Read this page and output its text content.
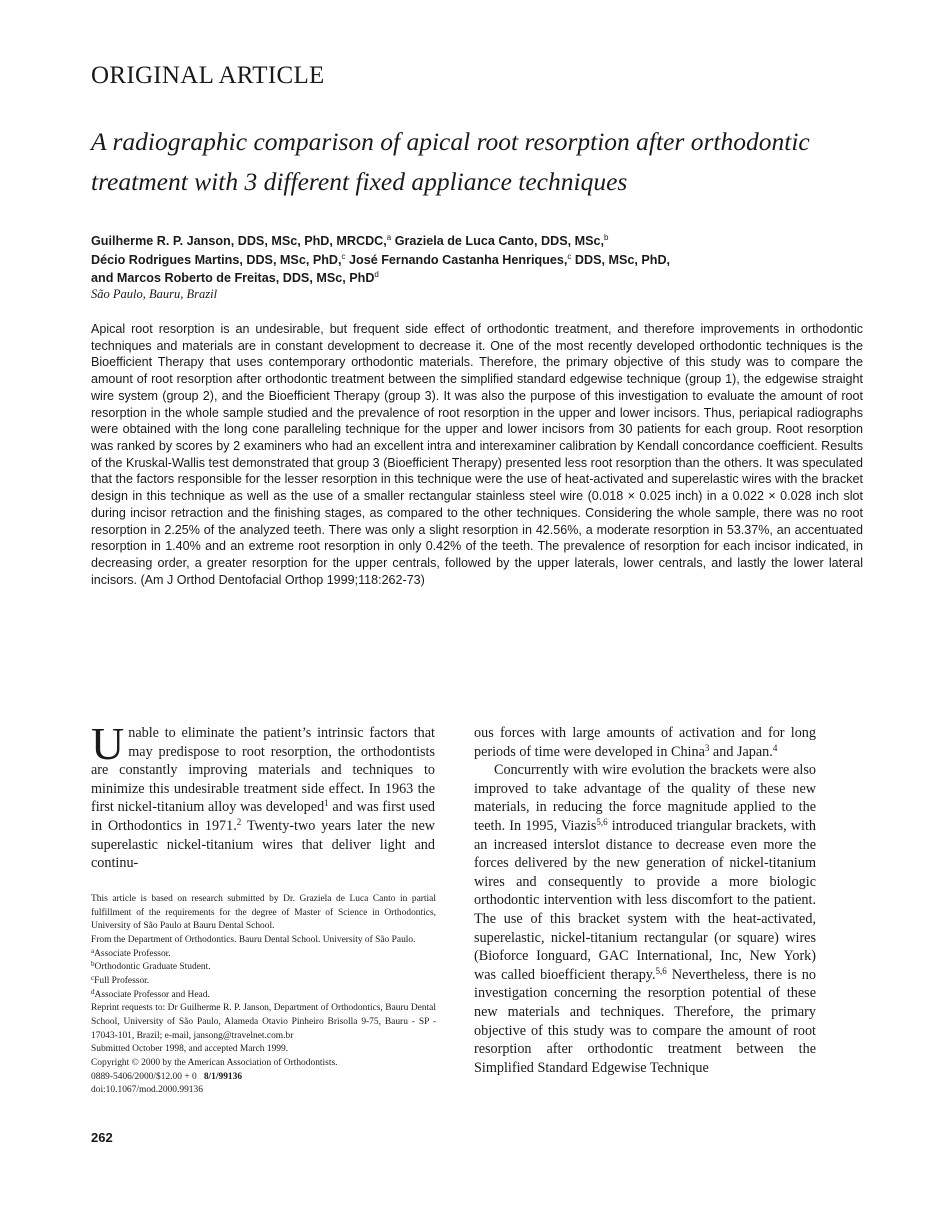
ORIGINAL ARTICLE
A radiographic comparison of apical root resorption after orthodontic treatment with 3 different fixed appliance techniques
Guilherme R. P. Janson, DDS, MSc, PhD, MRCDC,$^a$ Graziela de Luca Canto, DDS, MSc,$^b$
Décio Rodrigues Martins, DDS, MSc, PhD,$^c$ José Fernando Castanha Henriques,$^c$ DDS, MSc, PhD,
and Marcos Roberto de Freitas, DDS, MSc, PhD$^d$
São Paulo, Bauru, Brazil

Apical root resorption is an undesirable, but frequent side effect of orthodontic treatment, and therefore improvements in orthodontic techniques and materials are in constant development to decrease it. One of the most recently developed orthodontic techniques is the Bioefficient Therapy that uses contemporary orthodontic materials. Therefore, the primary objective of this study was to compare the amount of root resorption after orthodontic treatment between the simplified standard edgewise technique (group 1), the edgewise straight wire system (group 2), and the Bioefficient Therapy (group 3). It was also the purpose of this investigation to evaluate the amount of root resorption in the whole sample studied and the prevalence of root resorption in the upper and lower incisors. Thus, periapical radiographs were obtained with the long cone paralleling technique for the upper and lower incisors from 30 patients for each group. Root resorption was ranked by scores by 2 examiners who had an excellent intra and interexaminer calibration by Kendall concordance coefficient. Results of the Kruskal-Wallis test demonstrated that group 3 (Bioefficient Therapy) presented less root resorption than the others. It was speculated that the factors responsible for the lesser resorption in this technique were the use of heat-activated and superelastic wires with the bracket design in this technique as well as the use of a smaller rectangular stainless steel wire (0.018 × 0.025 inch) in a 0.022 × 0.028 inch slot during incisor retraction and the finishing stages, as compared to the other techniques. Considering the whole sample, there was no root resorption in 2.25% of the analyzed teeth. There was only a slight resorption in 42.56%, a moderate resorption in 53.37%, an accentuated resorption in 1.40% and an extreme root resorption in only 0.42% of the teeth. The prevalence of resorption for each incisor indicated, in decreasing order, a greater resorption for the upper centrals, followed by the upper laterals, lower centrals, and lastly the lower lateral incisors. (Am J Orthod Dentofacial Orthop 1999;118:262-73)

Unable to eliminate the patient’s intrinsic factors that may predispose to root resorption, the orthodontists are constantly improving materials and techniques to minimize this undesirable treatment side effect. In 1963 the first nickel-titanium alloy was developed$^1$ and was first used in Orthodontics in 1971.$^2$ Twenty-two years later the new superelastic nickel-titanium wires that deliver light and continu-

This article is based on research submitted by Dr. Graziela de Luca Canto in partial fulfillment of the requirements for the degree of Master of Science in Orthodontics, University of São Paulo at Bauru Dental School.

From the Department of Orthodontics. Bauru Dental School. University of São Paulo.

$^a$Associate Professor.

$^b$Orthodontic Graduate Student.

$^c$Full Professor.

$^d$Associate Professor and Head.

Reprint requests to: Dr Guilherme R. P. Janson, Department of Orthodontics, Bauru Dental School, University of São Paulo, Alameda Otavio Pinheiro Brisolla 9-75, Bauru - SP - 17043-101, Brazil; e-mail, jansong@travelnet.com.br

Submitted October 1998, and accepted March 1999.

Copyright © 2000 by the American Association of Orthodontists.

0889-5406/2000/$12.00 + 0 8/1/99136

doi:10.1067/mod.2000.99136

ous forces with large amounts of activation and for long periods of time were developed in China$^3$ and Japan.$^4$

Concurrently with wire evolution the brackets were also improved to take advantage of the quality of these new materials, in reducing the force magnitude applied to the teeth. In 1995, Viazis$^{5,6}$ introduced triangular brackets, with an increased interslot distance to decrease even more the forces delivered by the new generation of nickel-titanium wires and consequently to provide a more biologic orthodontic intervention with less discomfort to the patient. The use of this bracket system with the heat-activated, superelastic, nickel-titanium rectangular (or square) wires (Bioforce Ionguard, GAC International, Inc, New York) was called bioefficient therapy.$^{5,6}$ Nevertheless, there is no investigation concerning the resorption potential of these new materials and techniques. Therefore, the primary objective of this study was to compare the amount of root resorption after orthodontic treatment between the Simplified Standard Edgewise Technique

262
